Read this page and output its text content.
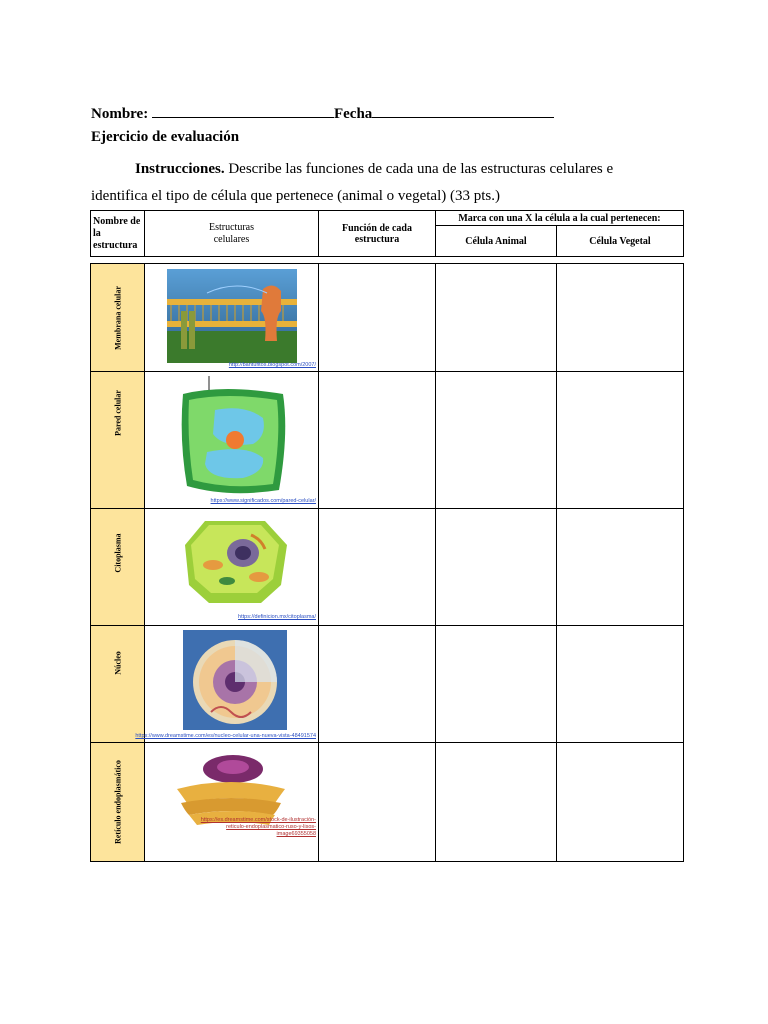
Nombre:	Fecha
Ejercicio de evaluación
Instrucciones. Describe las funciones de cada una de las estructuras celulares e identifica el tipo de célula que pertenece (animal o vegetal) (33 pts.)
Nombre de la estructura	Estructuras celulares	Función de cada estructura	Marca con una X la célula a la cual pertenecen:	
			Célula Animal	Célula Vegetal
Membrana celular	http://bantufitos.blogspot.com/2007/			

Pared celular	https://www.significados.com/pared-celular/			

Citoplasma	https://definicion.mx/citoplasma/			

Núcleo	https://www.dreamstime.com/es/nucleo-celular-una-nueva-vista-48491574			

Retículo endoplasmático	https://es.dreamstime.com/stock-de-ilustración-reticulo-endoplasmatico-ruso-y-lisos-image69355058			
